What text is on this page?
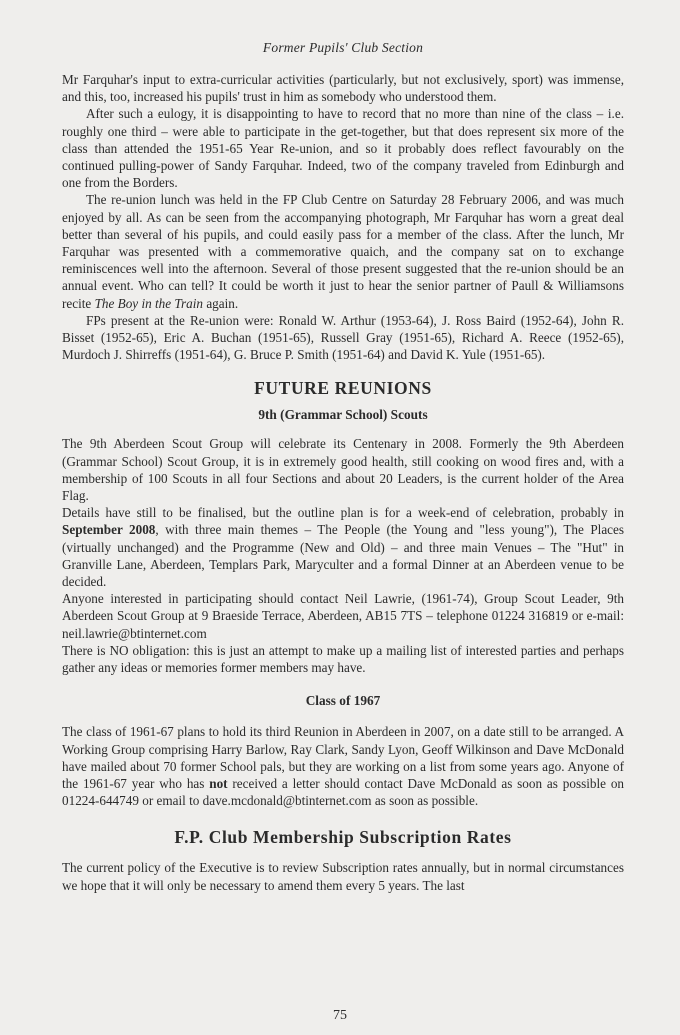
Former Pupils' Club Section

Mr Farquhar's input to extra-curricular activities (particularly, but not exclusively, sport) was immense, and this, too, increased his pupils' trust in him as somebody who understood them.

After such a eulogy, it is disappointing to have to record that no more than nine of the class – i.e. roughly one third – were able to participate in the get-together, but that does represent six more of the class than attended the 1951-65 Year Re-union, and so it probably does reflect favourably on the continued pulling-power of Sandy Farquhar. Indeed, two of the company traveled from Edinburgh and one from the Borders.

The re-union lunch was held in the FP Club Centre on Saturday 28 February 2006, and was much enjoyed by all. As can be seen from the accompanying photograph, Mr Farquhar has worn a great deal better than several of his pupils, and could easily pass for a member of the class. After the lunch, Mr Farquhar was presented with a commemorative quaich, and the company sat on to exchange reminiscences well into the afternoon. Several of those present suggested that the re-union should be an annual event. Who can tell? It could be worth it just to hear the senior partner of Paull & Williamsons recite The Boy in the Train again.

FPs present at the Re-union were: Ronald W. Arthur (1953-64), J. Ross Baird (1952-64), John R. Bisset (1952-65), Eric A. Buchan (1951-65), Russell Gray (1951-65), Richard A. Reece (1952-65), Murdoch J. Shirreffs (1951-64), G. Bruce P. Smith (1951-64) and David K. Yule (1951-65).

FUTURE REUNIONS
9th (Grammar School) Scouts

The 9th Aberdeen Scout Group will celebrate its Centenary in 2008. Formerly the 9th Aberdeen (Grammar School) Scout Group, it is in extremely good health, still cooking on wood fires and, with a membership of 100 Scouts in all four Sections and about 20 Leaders, is the current holder of the Area Flag.

Details have still to be finalised, but the outline plan is for a week-end of celebration, probably in September 2008, with three main themes – The People (the Young and "less young"), The Places (virtually unchanged) and the Programme (New and Old) – and three main Venues – The "Hut" in Granville Lane, Aberdeen, Templars Park, Maryculter and a formal Dinner at an Aberdeen venue to be decided.

Anyone interested in participating should contact Neil Lawrie, (1961-74), Group Scout Leader, 9th Aberdeen Scout Group at 9 Braeside Terrace, Aberdeen, AB15 7TS – telephone 01224 316819 or e-mail: neil.lawrie@btinternet.com

There is NO obligation: this is just an attempt to make up a mailing list of interested parties and perhaps gather any ideas or memories former members may have.

Class of 1967

The class of 1961-67 plans to hold its third Reunion in Aberdeen in 2007, on a date still to be arranged. A Working Group comprising Harry Barlow, Ray Clark, Sandy Lyon, Geoff Wilkinson and Dave McDonald have mailed about 70 former School pals, but they are working on a list from some years ago. Anyone of the 1961-67 year who has not received a letter should contact Dave McDonald as soon as possible on 01224-644749 or email to dave.mcdonald@btinternet.com as soon as possible.

F.P. Club Membership Subscription Rates

The current policy of the Executive is to review Subscription rates annually, but in normal circumstances we hope that it will only be necessary to amend them every 5 years. The last

75
